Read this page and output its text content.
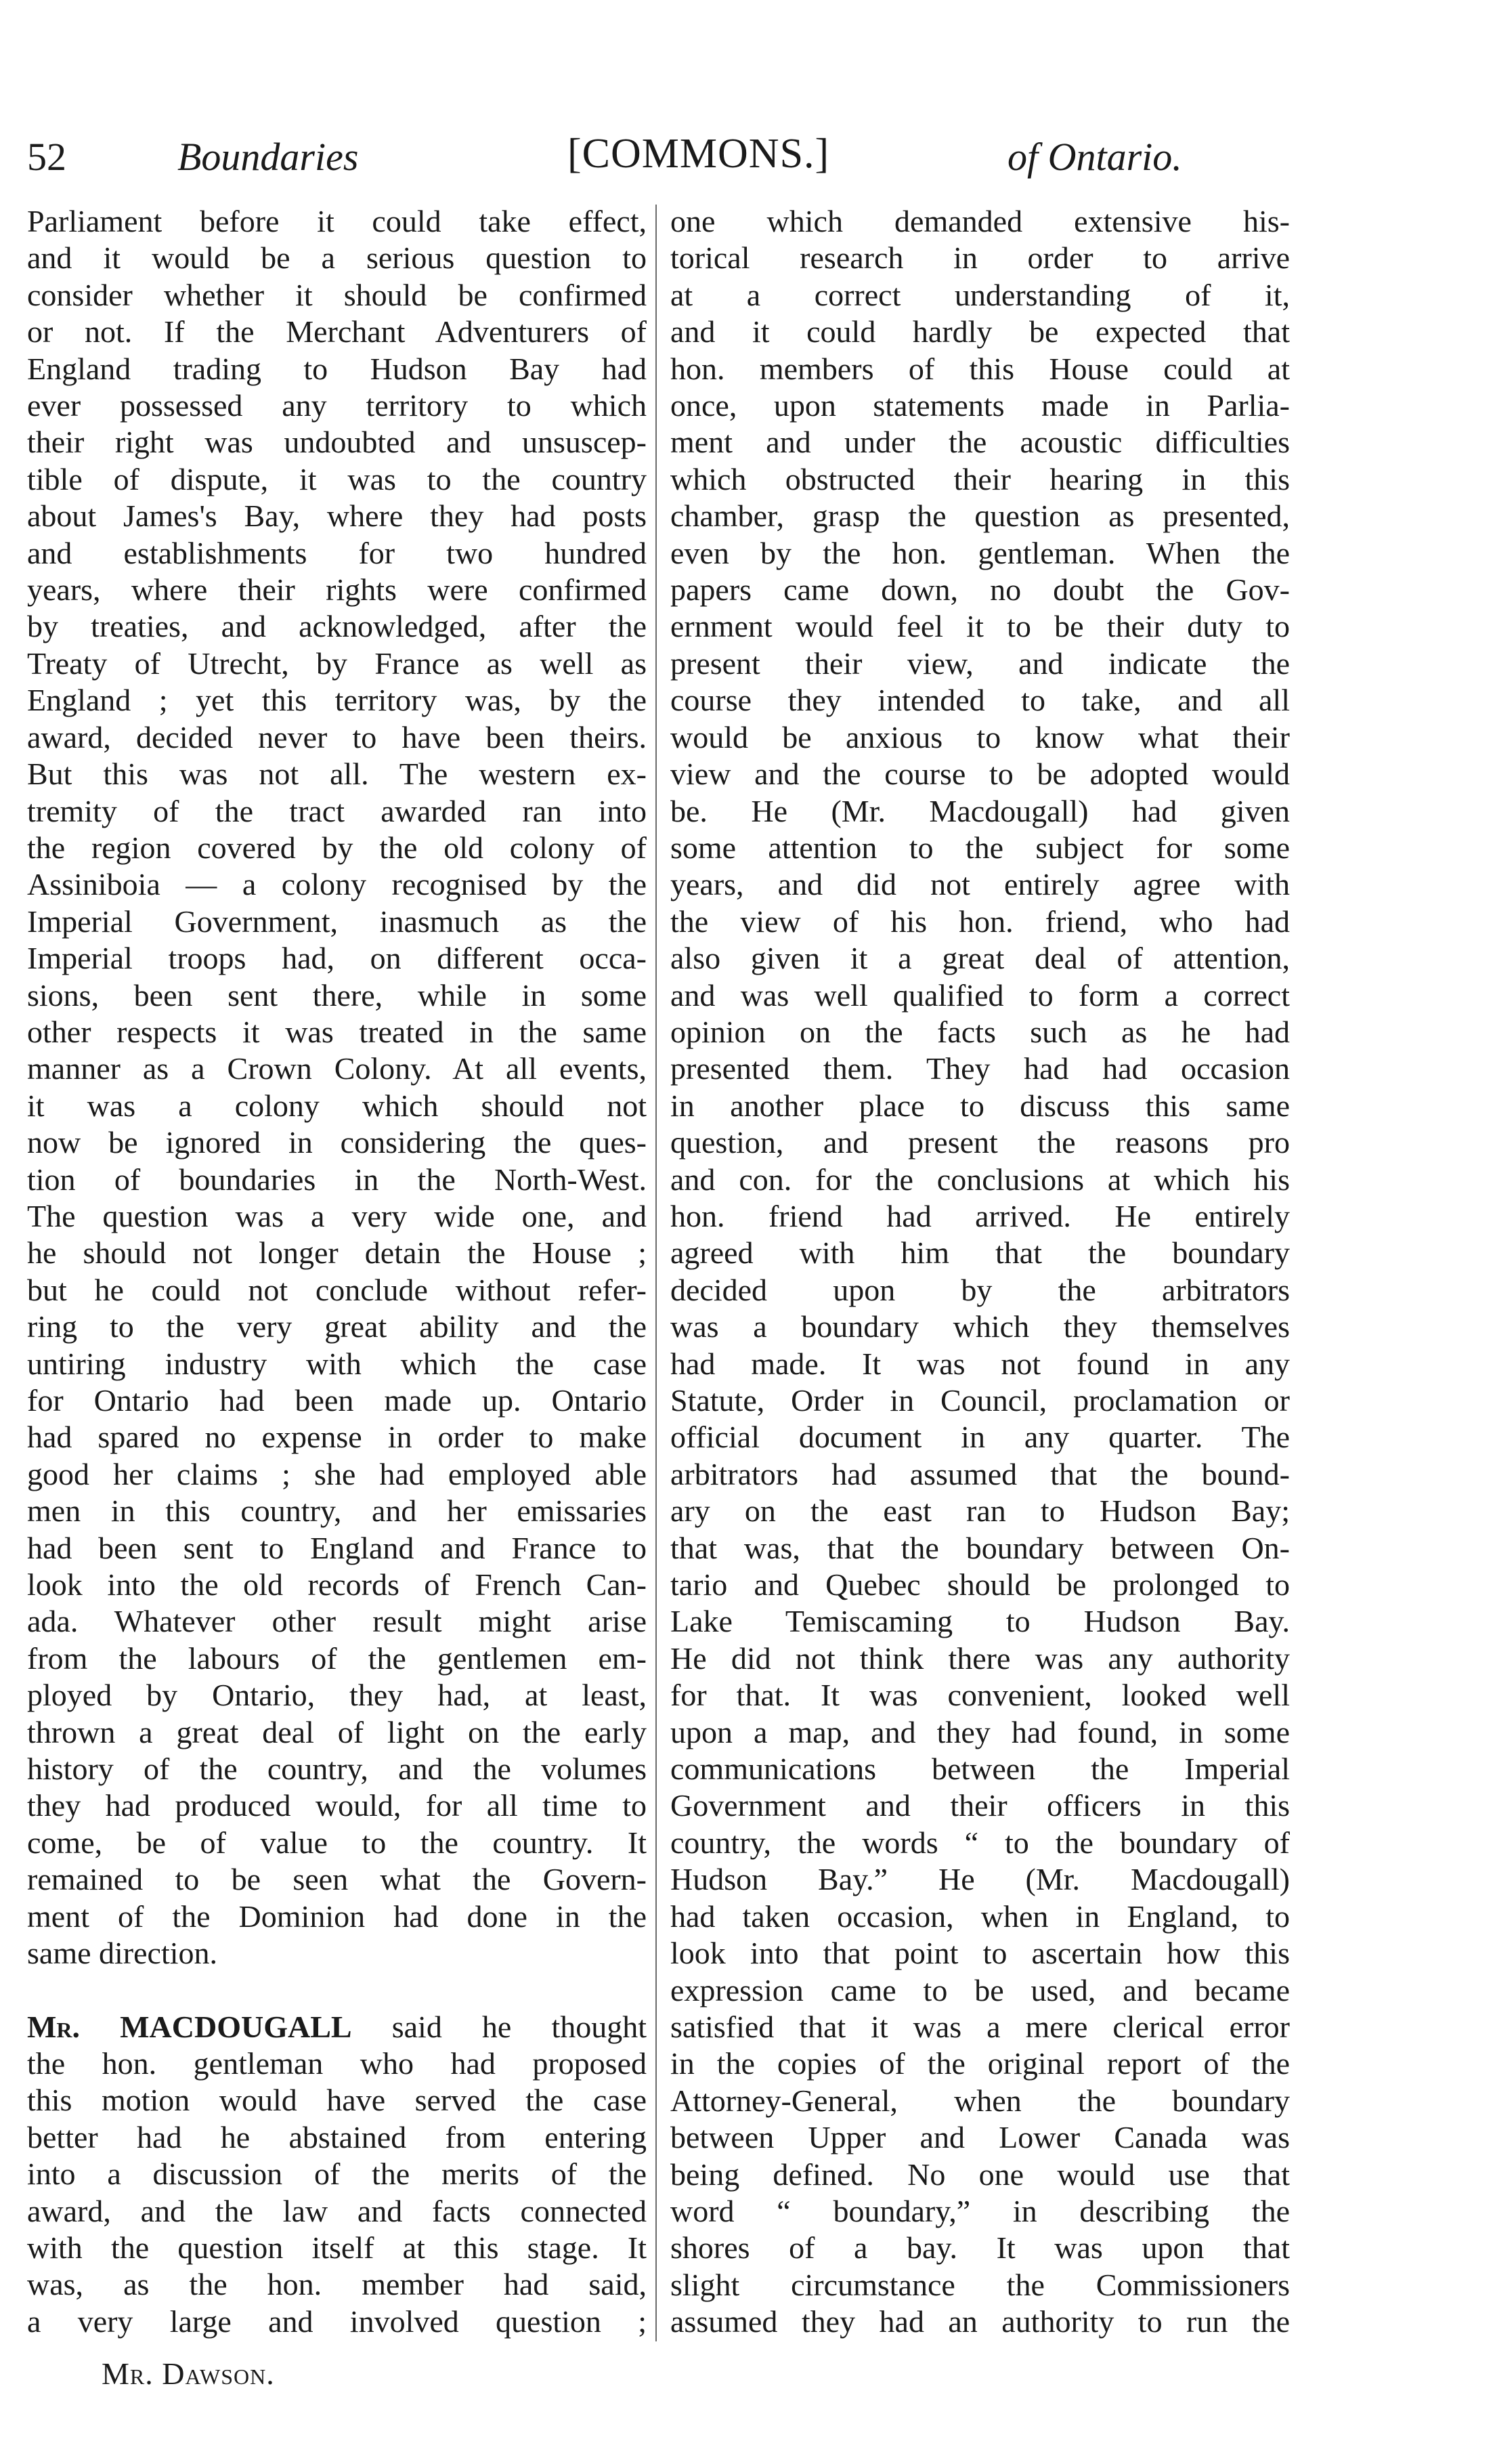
52	Boundaries	[COMMONS.]	of Ontario.
Parliament before it could take effect,
and it would be a serious question to
consider whether it should be confirmed
or not. If the Merchant Adventurers of
England trading to Hudson Bay had
ever possessed any territory to which
their right was undoubted and unsuscep-
tible of dispute, it was to the country
about James's Bay, where they had posts
and establishments for two hundred
years, where their rights were confirmed
by treaties, and acknowledged, after the
Treaty of Utrecht, by France as well as
England ; yet this territory was, by the
award, decided never to have been theirs.
But this was not all. The western ex-
tremity of the tract awarded ran into
the region covered by the old colony of
Assiniboia — a colony recognised by the
Imperial Government, inasmuch as the
Imperial troops had, on different occa-
sions, been sent there, while in some
other respects it was treated in the same
manner as a Crown Colony. At all events,
it was a colony which should not
now be ignored in considering the ques-
tion of boundaries in the North-West.
The question was a very wide one, and
he should not longer detain the House ;
but he could not conclude without refer-
ring to the very great ability and the
untiring industry with which the case
for Ontario had been made up. Ontario
had spared no expense in order to make
good her claims ; she had employed able
men in this country, and her emissaries
had been sent to England and France to
look into the old records of French Can-
ada. Whatever other result might arise
from the labours of the gentlemen em-
ployed by Ontario, they had, at least,
thrown a great deal of light on the early
history of the country, and the volumes
they had produced would, for all time to
come, be of value to the country. It
remained to be seen what the Govern-
ment of the Dominion had done in the
same direction.
Mr. MACDOUGALL said he thought
the hon. gentleman who had proposed
this motion would have served the case
better had he abstained from entering
into a discussion of the merits of the
award, and the law and facts connected
with the question itself at this stage. It
was, as the hon. member had said,
a very large and involved question ;
one which demanded extensive his-
torical research in order to arrive
at a correct understanding of it,
and it could hardly be expected that
hon. members of this House could at
once, upon statements made in Parlia-
ment and under the acoustic difficulties
which obstructed their hearing in this
chamber, grasp the question as presented,
even by the hon. gentleman. When the
papers came down, no doubt the Gov-
ernment would feel it to be their duty to
present their view, and indicate the
course they intended to take, and all
would be anxious to know what their
view and the course to be adopted would
be. He (Mr. Macdougall) had given
some attention to the subject for some
years, and did not entirely agree with
the view of his hon. friend, who had
also given it a great deal of attention,
and was well qualified to form a correct
opinion on the facts such as he had
presented them. They had had occasion
in another place to discuss this same
question, and present the reasons pro
and con. for the conclusions at which his
hon. friend had arrived. He entirely
agreed with him that the boundary
decided upon by the arbitrators
was a boundary which they themselves
had made. It was not found in any
Statute, Order in Council, proclamation or
official document in any quarter. The
arbitrators had assumed that the bound-
ary on the east ran to Hudson Bay;
that was, that the boundary between On-
tario and Quebec should be prolonged to
Lake Temiscaming to Hudson Bay.
He did not think there was any authority
for that. It was convenient, looked well
upon a map, and they had found, in some
communications between the Imperial
Government and their officers in this
country, the words “ to the boundary of
Hudson Bay.” He (Mr. Macdougall)
had taken occasion, when in England, to
look into that point to ascertain how this
expression came to be used, and became
satisfied that it was a mere clerical error
in the copies of the original report of the
Attorney-General, when the boundary
between Upper and Lower Canada was
being defined. No one would use that
word “ boundary,” in describing the
shores of a bay. It was upon that
slight circumstance the Commissioners
assumed they had an authority to run the
Mr. Dawson.
